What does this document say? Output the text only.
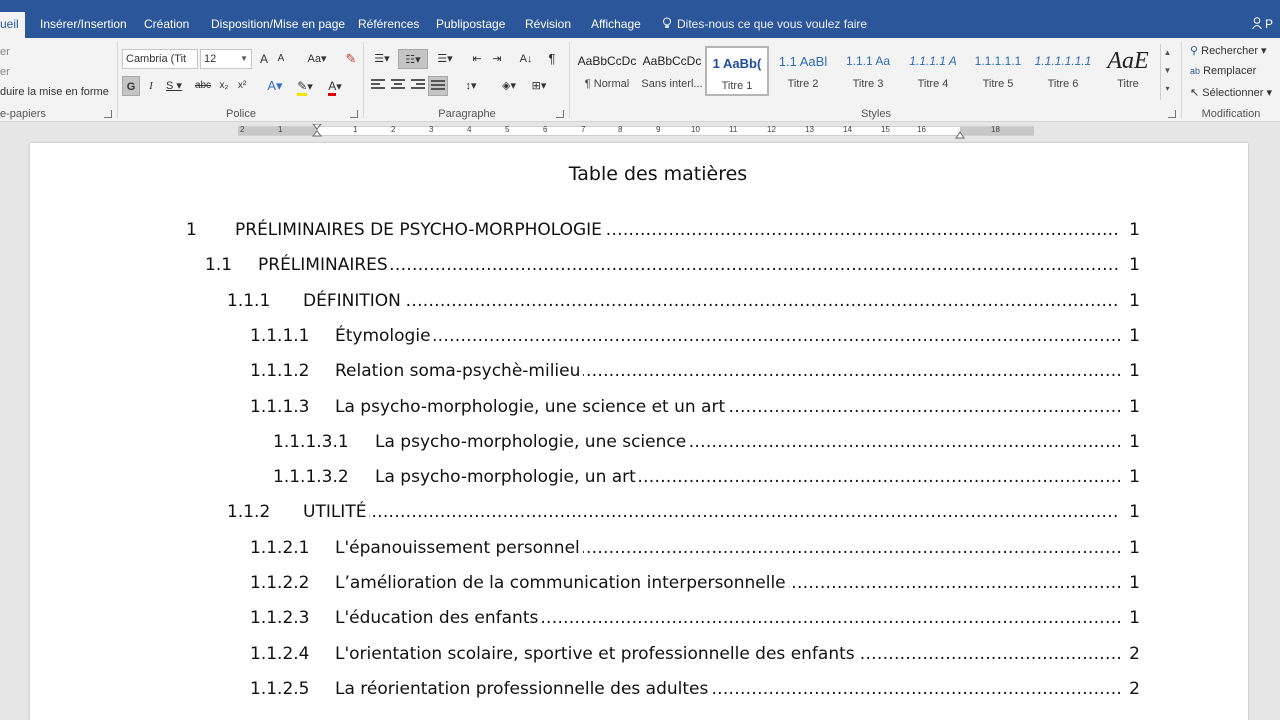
ueil	Insérer/Insertion Création Disposition/Mise en page Références Publipostage Révision Affichage	Dites-nous ce que vous voulez faire	P
er
er
duire la mise en forme
e-papiers
Cambria (Tit	12	▼ A A	Aa▾ ✎
G	I	S ▾	abc x₂ x²	A▾	✎▾	A▾
Police
☰▾	☷▾	☰▾	⇤ ⇥	A↓	¶
↕▾	◈▾	⊞▾
Paragraphe	Styles
AaBbCcDc
¶ Normal
AaBbCcDc
Sans interl...
1 AaBb(
Titre 1
1.1 AaBl
Titre 2
1.1.1 Aa
Titre 3
1.1.1.1 A
Titre 4
1.1.1.1.1
Titre 5
1.1.1.1.1.1
Titre 6
AaE
Titre
▲
▼
▾
⚲ Rechercher ▾
ab Remplacer
↖ Sélectionner ▾
Modification
2	1	1	2	3	4	5	6	7	8	9	10	11	12	13	14	15	16	18
Table des matières
1 ..... PRÉLIMINAIRES DE PSYCHO-MORPHOLOGIE	1
1.1 ..... PRÉLIMINAIRES	1
1.1.1 ..... DÉFINITION	1
1.1.1.1 ..... Étymologie	1
1.1.1.2 ..... Relation soma-psychè-milieu	1
1.1.1.3 ..... La psycho-morphologie, une science et un art	1
1.1.1.3.1 ..... La psycho-morphologie, une science	1
1.1.1.3.2 ..... La psycho-morphologie, un art	1
1.1.2 ..... UTILITÉ	1
1.1.2.1 ..... L'épanouissement personnel	1
1.1.2.2 ..... L’amélioration de la communication interpersonnelle	1
1.1.2.3 ..... L'éducation des enfants	1
1.1.2.4 ..... L'orientation scolaire, sportive et professionnelle des enfants	2
1.1.2.5 ..... La réorientation professionnelle des adultes	2
